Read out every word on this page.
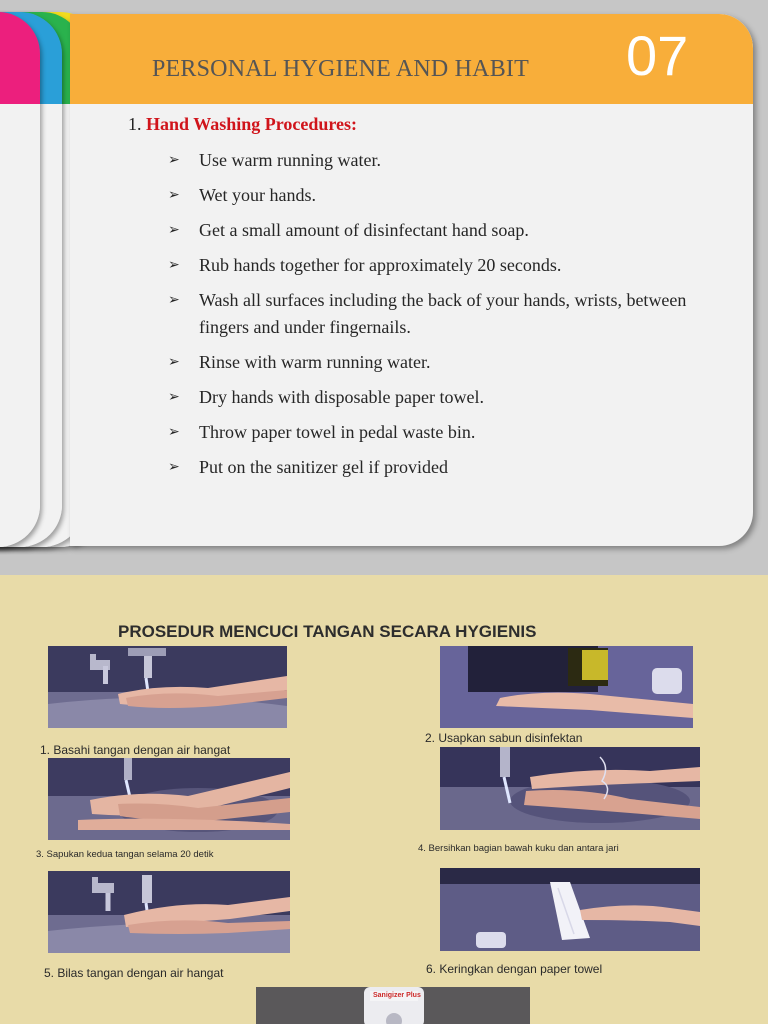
PERSONAL HYGIENE AND HABIT 07
1. Hand Washing Procedures:
➢ Use warm running water.
➢ Wet your hands.
➢ Get a small amount of disinfectant hand soap.
➢ Rub hands together for approximately 20 seconds.
➢ Wash all surfaces including the back of your hands, wrists, between fingers and under fingernails.
➢ Rinse with warm running water.
➢ Dry hands with disposable paper towel.
➢ Throw paper towel in pedal waste bin.
➢ Put on the sanitizer gel if provided
PROSEDUR MENCUCI TANGAN SECARA HYGIENIS
1. Basahi tangan dengan air hangat
2. Usapkan sabun disinfektan
3. Sapukan kedua tangan selama 20 detik
4. Bersihkan bagian bawah kuku dan antara jari
5. Bilas tangan dengan air hangat	6. Keringkan dengan paper towel
Sanigizer Plus
